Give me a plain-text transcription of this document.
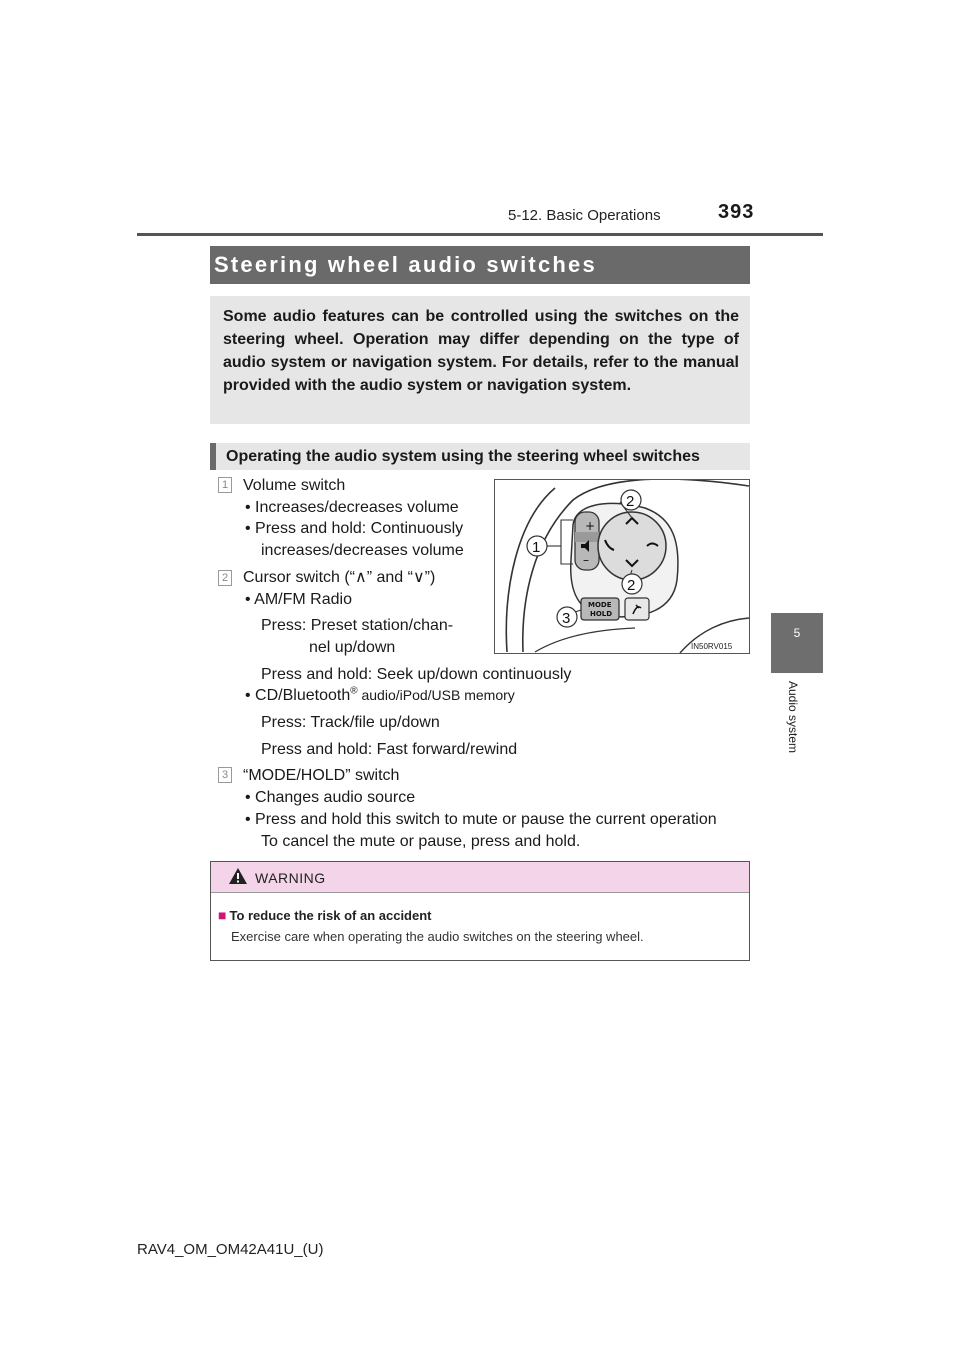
5-12. Basic Operations	393
5
Audio system
Steering wheel audio switches
Some audio features can be controlled using the switches on the steering wheel. Operation may differ depending on the type of audio system or navigation system. For details, refer to the manual provided with the audio system or navigation system.
Operating the audio system using the steering wheel switches
1 Volume switch
• Increases/decreases volume
• Press and hold: Continuously
increases/decreases volume
2 Cursor switch (“∧” and “∨”)
• AM/FM Radio
Press: Preset station/chan-
nel up/down
Press and hold: Seek up/down continuously
• CD/Bluetooth® audio/iPod/USB memory
Press: Track/file up/down
Press and hold: Fast forward/rewind
3 “MODE/HOLD” switch
• Changes audio source
• Press and hold this switch to mute or pause the current operation
To cancel the mute or pause, press and hold.
+
–
MODE
HOLD
1
2
2
3
IN50RV015
WARNING
■ To reduce the risk of an accident
Exercise care when operating the audio switches on the steering wheel.
RAV4_OM_OM42A41U_(U)
